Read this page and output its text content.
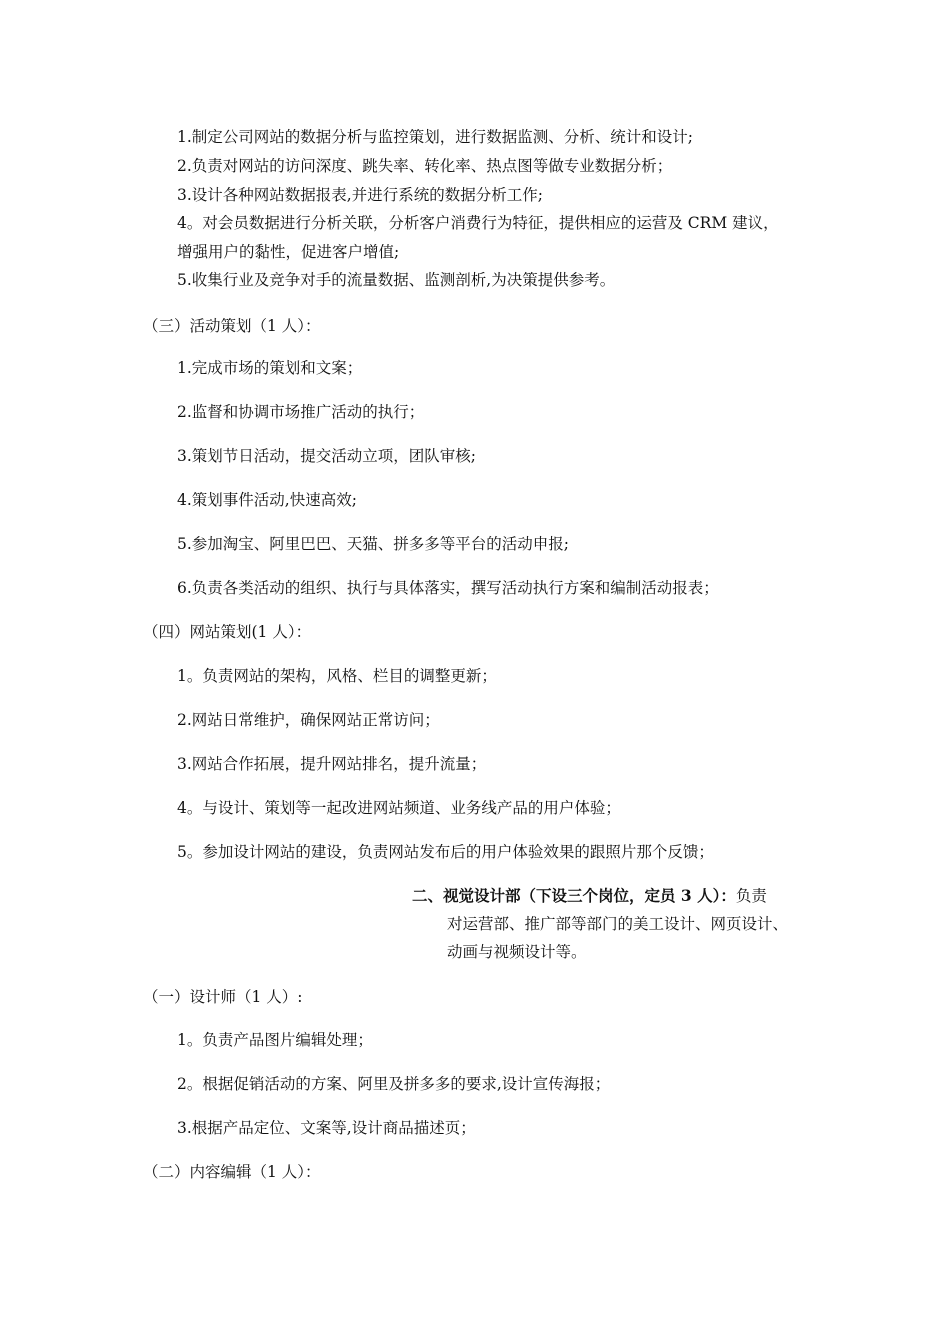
1.制定公司网站的数据分析与监控策划，进行数据监测、分析、统计和设计;
2.负责对网站的访问深度、跳失率、转化率、热点图等做专业数据分析；
3.设计各种网站数据报表,并进行系统的数据分析工作;
4。对会员数据进行分析关联，分析客户消费行为特征，提供相应的运营及 CRM 建议，
增强用户的黏性，促进客户增值;
5.收集行业及竞争对手的流量数据、监测剖析,为决策提供参考。
（三）活动策划（1 人）：
1.完成市场的策划和文案；
2.监督和协调市场推广活动的执行；
3.策划节日活动，提交活动立项，团队审核;
4.策划事件活动,快速高效;
5.参加淘宝、阿里巴巴、天猫、拼多多等平台的活动申报;
6.负责各类活动的组织、执行与具体落实，撰写活动执行方案和编制活动报表；
（四）网站策划(1 人）：
1。负责网站的架构，风格、栏目的调整更新；
2.网站日常维护，确保网站正常访问；
3.网站合作拓展，提升网站排名，提升流量；
4。与设计、策划等一起改进网站频道、业务线产品的用户体验；
5。参加设计网站的建设，负责网站发布后的用户体验效果的跟照片那个反馈；
二、视觉设计部（下设三个岗位，定员 3 人）：负责
对运营部、推广部等部门的美工设计、网页设计、
动画与视频设计等。
（一）设计师（1 人）:
1。负责产品图片编辑处理；
2。根据促销活动的方案、阿里及拼多多的要求,设计宣传海报；
3.根据产品定位、文案等,设计商品描述页；
（二）内容编辑（1 人）：
